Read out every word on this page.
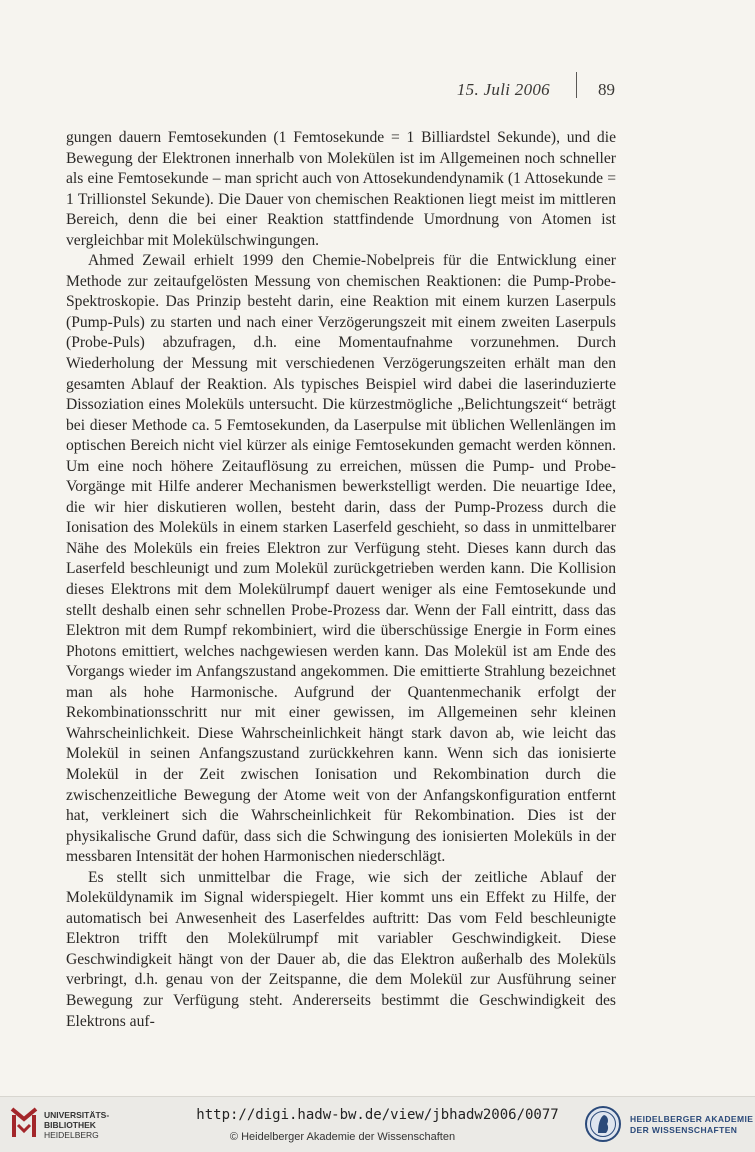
15. Juli 2006	89

gungen dauern Femtosekunden (1 Femtosekunde = 1 Billiardstel Sekunde), und die Bewegung der Elektronen innerhalb von Molekülen ist im Allgemeinen noch schneller als eine Femtosekunde – man spricht auch von Attosekundendynamik (1 Attosekunde = 1 Trillionstel Sekunde). Die Dauer von chemischen Reaktionen liegt meist im mittleren Bereich, denn die bei einer Reaktion stattfindende Umordnung von Atomen ist vergleichbar mit Molekülschwingungen.

Ahmed Zewail erhielt 1999 den Chemie-Nobelpreis für die Entwicklung einer Methode zur zeitaufgelösten Messung von chemischen Reaktionen: die Pump-Probe-Spektroskopie. Das Prinzip besteht darin, eine Reaktion mit einem kurzen Laserpuls (Pump-Puls) zu starten und nach einer Verzögerungszeit mit einem zweiten Laserpuls (Probe-Puls) abzufragen, d.h. eine Momentaufnahme vorzunehmen. Durch Wiederholung der Messung mit verschiedenen Verzögerungszeiten erhält man den gesamten Ablauf der Reaktion. Als typisches Beispiel wird dabei die laserinduzierte Dissoziation eines Moleküls untersucht. Die kürzestmögliche „Belichtungszeit“ beträgt bei dieser Methode ca. 5 Femtosekunden, da Laserpulse mit üblichen Wellenlängen im optischen Bereich nicht viel kürzer als einige Femtosekunden gemacht werden können. Um eine noch höhere Zeitauflösung zu erreichen, müssen die Pump- und Probe-Vorgänge mit Hilfe anderer Mechanismen bewerkstelligt werden. Die neuartige Idee, die wir hier diskutieren wollen, besteht darin, dass der Pump-Prozess durch die Ionisation des Moleküls in einem starken Laserfeld geschieht, so dass in unmittelbarer Nähe des Moleküls ein freies Elektron zur Verfügung steht. Dieses kann durch das Laserfeld beschleunigt und zum Molekül zurückgetrieben werden kann. Die Kollision dieses Elektrons mit dem Molekülrumpf dauert weniger als eine Femtosekunde und stellt deshalb einen sehr schnellen Probe-Prozess dar. Wenn der Fall eintritt, dass das Elektron mit dem Rumpf rekombiniert, wird die überschüssige Energie in Form eines Photons emittiert, welches nachgewiesen werden kann. Das Molekül ist am Ende des Vorgangs wieder im Anfangszustand angekommen. Die emittierte Strahlung bezeichnet man als hohe Harmonische. Aufgrund der Quantenmechanik erfolgt der Rekombinationsschritt nur mit einer gewissen, im Allgemeinen sehr kleinen Wahrscheinlichkeit. Diese Wahrscheinlichkeit hängt stark davon ab, wie leicht das Molekül in seinen Anfangszustand zurückkehren kann. Wenn sich das ionisierte Molekül in der Zeit zwischen Ionisation und Rekombination durch die zwischenzeitliche Bewegung der Atome weit von der Anfangskonfiguration entfernt hat, verkleinert sich die Wahrscheinlichkeit für Rekombination. Dies ist der physikalische Grund dafür, dass sich die Schwingung des ionisierten Moleküls in der messbaren Intensität der hohen Harmonischen niederschlägt.

Es stellt sich unmittelbar die Frage, wie sich der zeitliche Ablauf der Moleküldynamik im Signal widerspiegelt. Hier kommt uns ein Effekt zu Hilfe, der automatisch bei Anwesenheit des Laserfeldes auftritt: Das vom Feld beschleunigte Elektron trifft den Molekülrumpf mit variabler Geschwindigkeit. Diese Geschwindigkeit hängt von der Dauer ab, die das Elektron außerhalb des Moleküls verbringt, d.h. genau von der Zeitspanne, die dem Molekül zur Ausführung seiner Bewegung zur Verfügung steht. Andererseits bestimmt die Geschwindigkeit des Elektrons auf-

UNIVERSITÄTS-
BIBLIOTHEK
HEIDELBERG
http://digi.hadw-bw.de/view/jbhadw2006/0077
© Heidelberger Akademie der Wissenschaften
HEIDELBERGER AKADEMIE
DER WISSENSCHAFTEN
